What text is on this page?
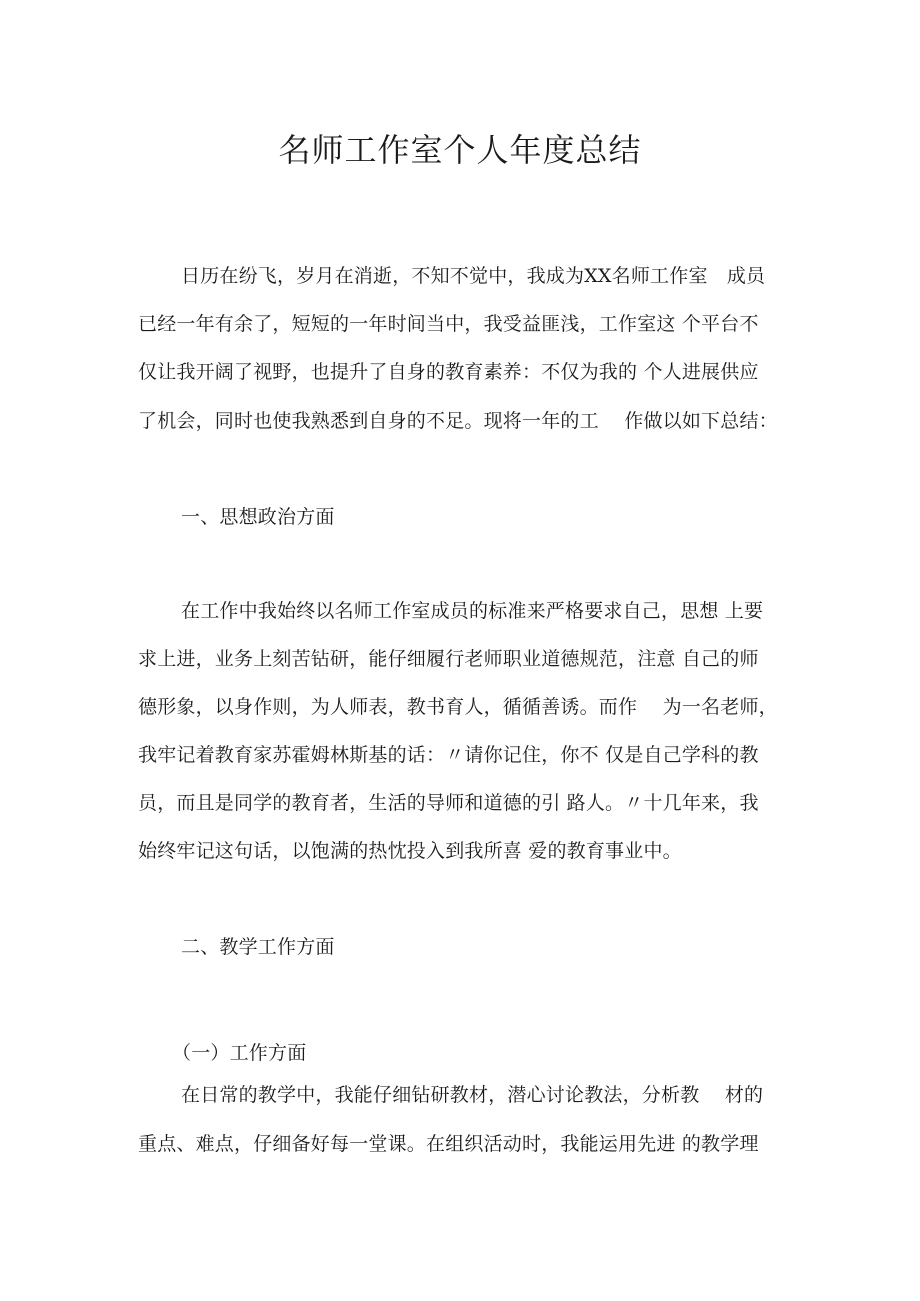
名师工作室个人年度总结
日历在纷飞，岁月在消逝，不知不觉中，我成为XX名师工作室　成员
已经一年有余了，短短的一年时间当中，我受益匪浅，工作室这 个平台不
仅让我开阔了视野，也提升了自身的教育素养：不仅为我的 个人进展供应
了机会，同时也使我熟悉到自身的不足。现将一年的工　 作做以如下总结：
一、思想政治方面
在工作中我始终以名师工作室成员的标准来严格要求自己，思想 上要
求上进，业务上刻苦钻研，能仔细履行老师职业道德规范，注意 自己的师
德形象，以身作则，为人师表，教书育人，循循善诱。而作　 为一名老师，
我牢记着教育家苏霍姆林斯基的话：〃请你记住，你不 仅是自己学科的教
员，而且是同学的教育者，生活的导师和道德的引 路人。〃十几年来，我
始终牢记这句话，以饱满的热忱投入到我所喜 爱的教育事业中。
二、教学工作方面
（一）工作方面
在日常的教学中，我能仔细钻研教材，潜心讨论教法，分析教　 材的
重点、难点，仔细备好每一堂课。在组织活动时，我能运用先进 的教学理
